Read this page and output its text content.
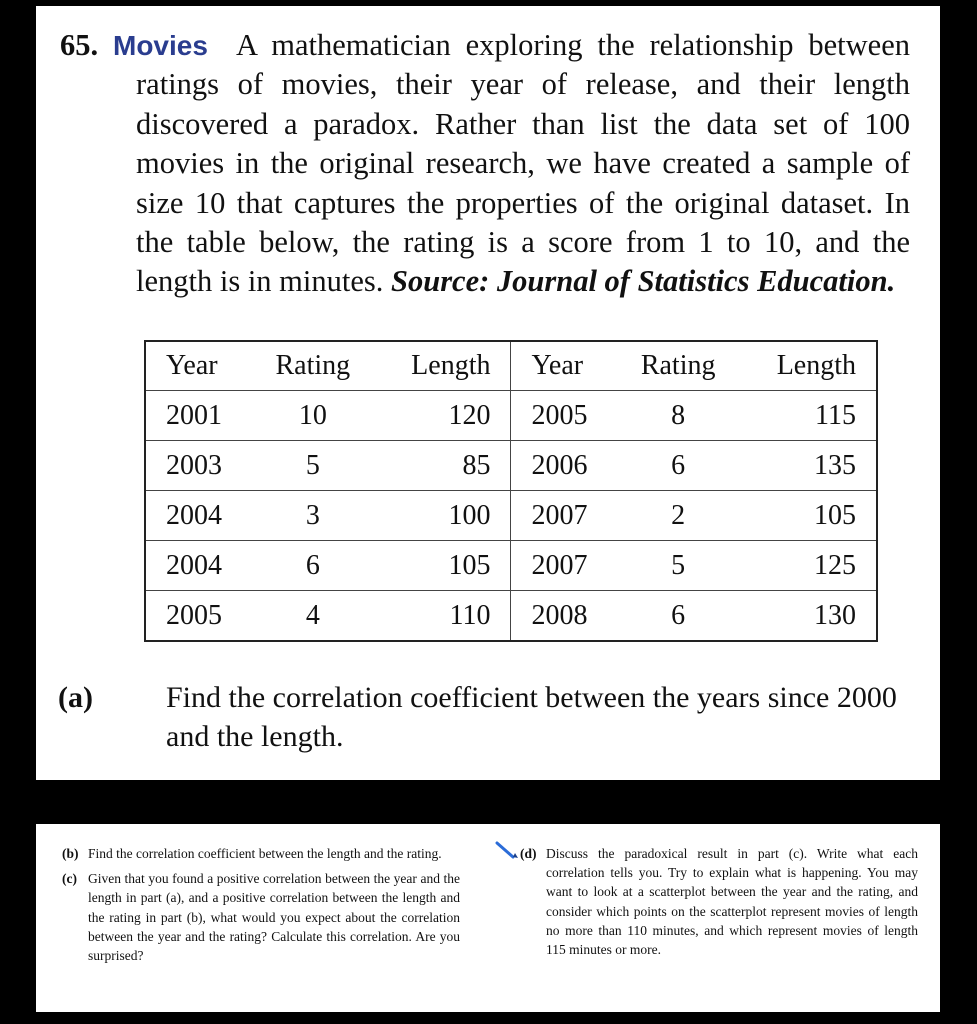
65. Movies A mathematician exploring the relationship between ratings of movies, their year of release, and their length discovered a paradox. Rather than list the data set of 100 movies in the original research, we have created a sample of size 10 that captures the properties of the original dataset. In the table below, the rating is a score from 1 to 10, and the length is in minutes. Source: Journal of Statistics Education.
Year	Rating	Length	Year	Rating	Length
2001	10	120	2005	8	115
2003	5	85	2006	6	135
2004	3	100	2007	2	105
2004	6	105	2007	5	125
2005	4	110	2008	6	130
(a) Find the correlation coefficient between the years since 2000 and the length.
(b) Find the correlation coefficient between the length and the rating.
(c) Given that you found a positive correlation between the year and the length in part (a), and a positive correlation between the length and the rating in part (b), what would you expect about the correlation between the year and the rating? Calculate this correlation. Are you surprised?
(d) Discuss the paradoxical result in part (c). Write what each correlation tells you. Try to explain what is happening. You may want to look at a scatterplot between the year and the rating, and consider which points on the scatterplot represent movies of length no more than 110 minutes, and which represent movies of length 115 minutes or more.
